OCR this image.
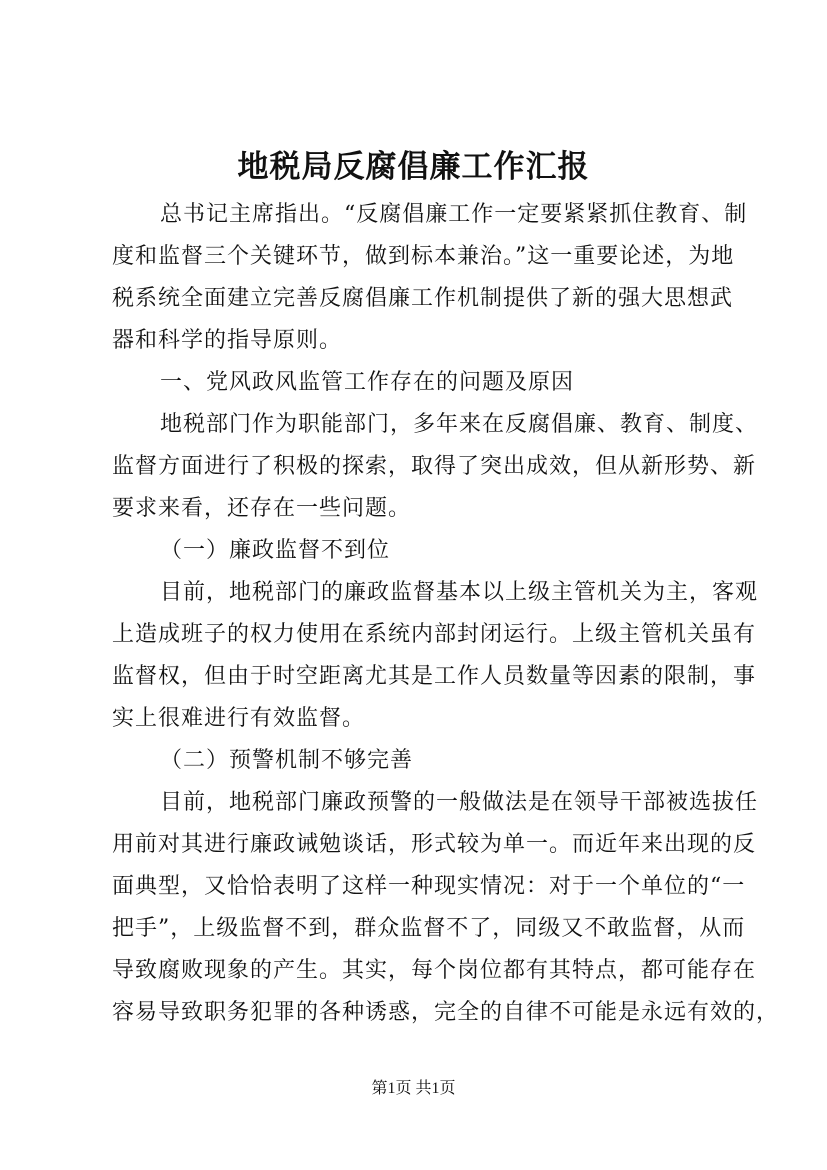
地税局反腐倡廉工作汇报
总书记主席指出。“反腐倡廉工作一定要紧紧抓住教育、制
度和监督三个关键环节，做到标本兼治。”这一重要论述，为地
税系统全面建立完善反腐倡廉工作机制提供了新的强大思想武
器和科学的指导原则。
一、党风政风监管工作存在的问题及原因
地税部门作为职能部门，多年来在反腐倡廉、教育、制度、
监督方面进行了积极的探索，取得了突出成效，但从新形势、新
要求来看，还存在一些问题。
（一）廉政监督不到位
目前，地税部门的廉政监督基本以上级主管机关为主，客观
上造成班子的权力使用在系统内部封闭运行。上级主管机关虽有
监督权，但由于时空距离尤其是工作人员数量等因素的限制，事
实上很难进行有效监督。
（二）预警机制不够完善
目前，地税部门廉政预警的一般做法是在领导干部被选拔任
用前对其进行廉政诫勉谈话，形式较为单一。而近年来出现的反
面典型，又恰恰表明了这样一种现实情况：对于一个单位的“一
把手”，上级监督不到，群众监督不了，同级又不敢监督，从而
导致腐败现象的产生。其实，每个岗位都有其特点，都可能存在
容易导致职务犯罪的各种诱惑，完全的自律不可能是永远有效的，
第1页 共1页
